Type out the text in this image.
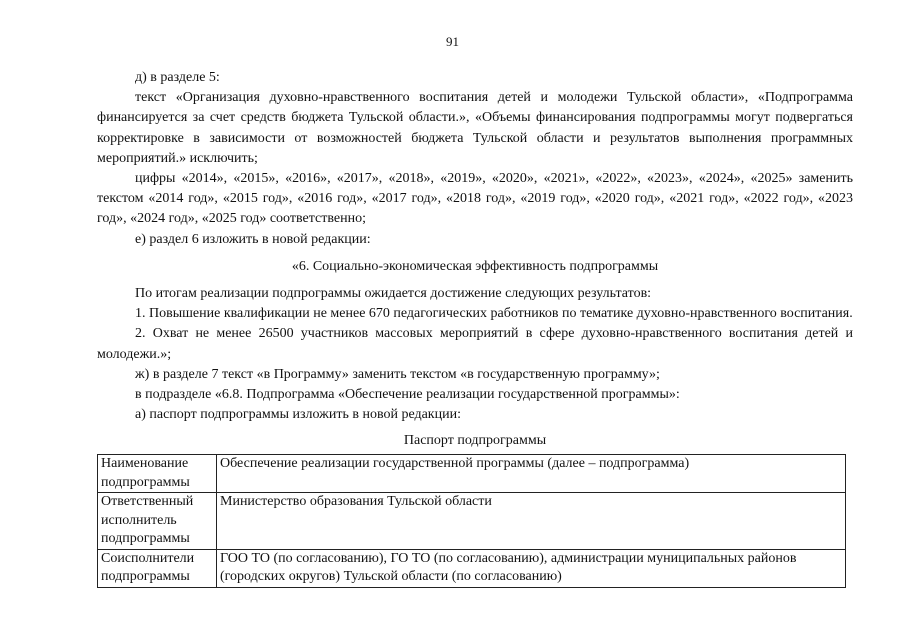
91

д) в разделе 5:

текст «Организация духовно-нравственного воспитания детей и молодежи Тульской области», «Подпрограмма финансируется за счет средств бюджета Тульской области.», «Объемы финансирования подпрограммы могут подвергаться корректировке в зависимости от возможностей бюджета Тульской области и результатов выполнения программных мероприятий.» исключить;

цифры «2014», «2015», «2016», «2017», «2018», «2019», «2020», «2021», «2022», «2023», «2024», «2025» заменить текстом «2014 год», «2015 год», «2016 год», «2017 год», «2018 год», «2019 год», «2020 год», «2021 год», «2022 год», «2023 год», «2024 год», «2025 год» соответственно;

е) раздел 6 изложить в новой редакции:

«6. Социально-экономическая эффективность подпрограммы

По итогам реализации подпрограммы ожидается достижение следующих результатов:

1. Повышение квалификации не менее 670 педагогических работников по тематике духовно-нравственного воспитания.

2. Охват не менее 26500 участников массовых мероприятий в сфере духовно-нравственного воспитания детей и молодежи.»;

ж) в разделе 7 текст «в Программу» заменить текстом «в государственную программу»;

в подразделе «6.8. Подпрограмма «Обеспечение реализации государственной программы»:

а) паспорт подпрограммы изложить в новой редакции:

Паспорт подпрограммы

Наименование подпрограммы	Обеспечение реализации государственной программы (далее – подпрограмма)
Ответственный исполнитель подпрограммы	Министерство образования Тульской области
Соисполнители подпрограммы	ГОО ТО (по согласованию), ГО ТО (по согласованию), администрации муниципальных районов (городских округов) Тульской области (по согласованию)
